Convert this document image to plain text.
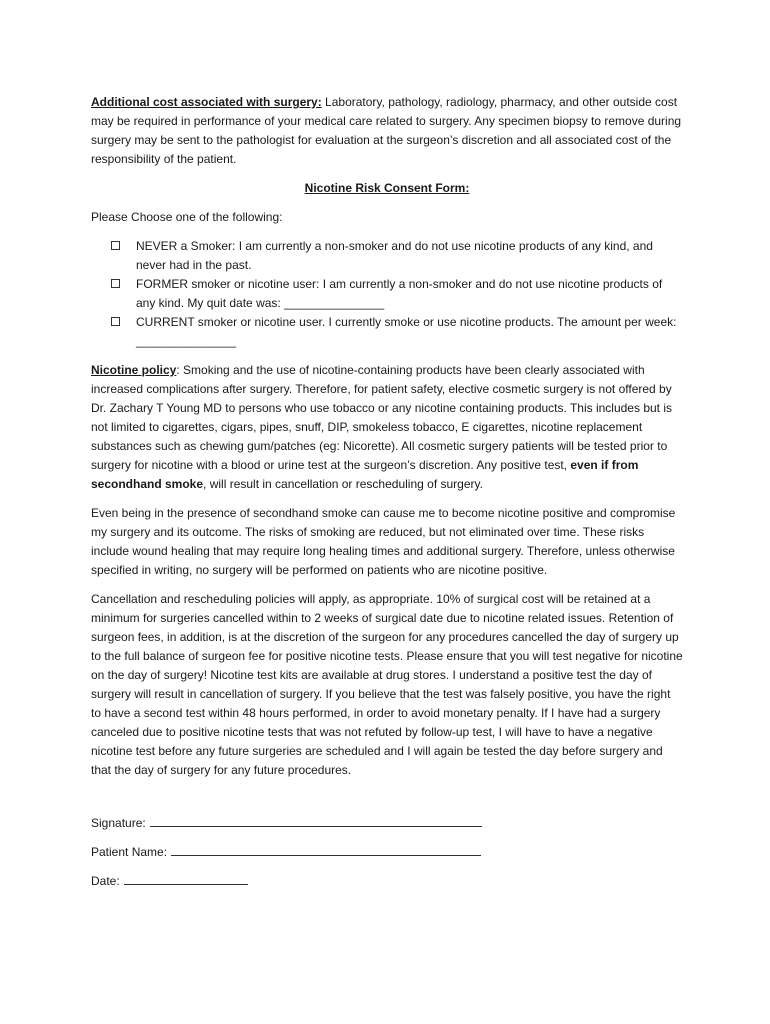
Additional cost associated with surgery: Laboratory, pathology, radiology, pharmacy, and other outside cost may be required in performance of your medical care related to surgery. Any specimen biopsy to remove during surgery may be sent to the pathologist for evaluation at the surgeon’s discretion and all associated cost of the responsibility of the patient.

Nicotine Risk Consent Form:

Please Choose one of the following:

NEVER a Smoker: I am currently a non-smoker and do not use nicotine products of any kind, and never had in the past.
FORMER smoker or nicotine user: I am currently a non-smoker and do not use nicotine products of any kind. My quit date was: _______________
CURRENT smoker or nicotine user. I currently smoke or use nicotine products. The amount per week: _______________

Nicotine policy: Smoking and the use of nicotine-containing products have been clearly associated with increased complications after surgery. Therefore, for patient safety, elective cosmetic surgery is not offered by Dr. Zachary T Young MD to persons who use tobacco or any nicotine containing products. This includes but is not limited to cigarettes, cigars, pipes, snuff, DIP, smokeless tobacco, E cigarettes, nicotine replacement substances such as chewing gum/patches (eg: Nicorette). All cosmetic surgery patients will be tested prior to surgery for nicotine with a blood or urine test at the surgeon’s discretion. Any positive test, even if from secondhand smoke, will result in cancellation or rescheduling of surgery.

Even being in the presence of secondhand smoke can cause me to become nicotine positive and compromise my surgery and its outcome. The risks of smoking are reduced, but not eliminated over time. These risks include wound healing that may require long healing times and additional surgery. Therefore, unless otherwise specified in writing, no surgery will be performed on patients who are nicotine positive.

Cancellation and rescheduling policies will apply, as appropriate. 10% of surgical cost will be retained at a minimum for surgeries cancelled within to 2 weeks of surgical date due to nicotine related issues. Retention of surgeon fees, in addition, is at the discretion of the surgeon for any procedures cancelled the day of surgery up to the full balance of surgeon fee for positive nicotine tests. Please ensure that you will test negative for nicotine on the day of surgery! Nicotine test kits are available at drug stores. I understand a positive test the day of surgery will result in cancellation of surgery. If you believe that the test was falsely positive, you have the right to have a second test within 48 hours performed, in order to avoid monetary penalty. If I have had a surgery canceled due to positive nicotine tests that was not refuted by follow-up test, I will have to have a negative nicotine test before any future surgeries are scheduled and I will again be tested the day before surgery and that the day of surgery for any future procedures.

Signature:
Patient Name:
Date:
